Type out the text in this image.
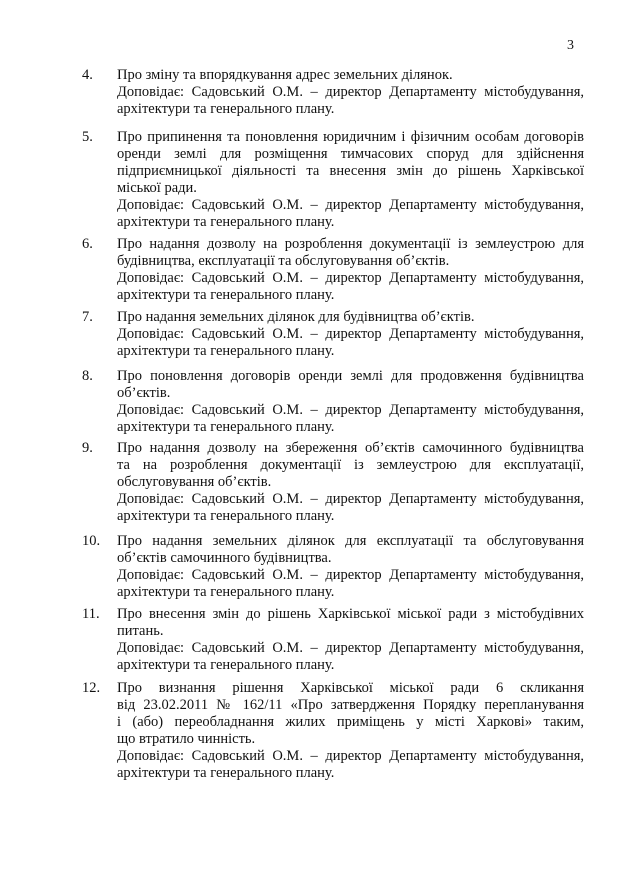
3
4. Про зміну та впорядкування адрес земельних ділянок.
Доповідає: Садовський О.М. – директор Департаменту містобудування,
архітектури та генерального плану.
5. Про припинення та поновлення юридичним і фізичним особам договорів
оренди землі для розміщення тимчасових споруд для здійснення
підприємницької діяльності та внесення змін до рішень Харківської
міської ради.
Доповідає: Садовський О.М. – директор Департаменту містобудування,
архітектури та генерального плану.
6. Про надання дозволу на розроблення документації із землеустрою для
будівництва, експлуатації та обслуговування об’єктів.
Доповідає: Садовський О.М. – директор Департаменту містобудування,
архітектури та генерального плану.
7. Про надання земельних ділянок для будівництва об’єктів.
Доповідає: Садовський О.М. – директор Департаменту містобудування,
архітектури та генерального плану.
8. Про поновлення договорів оренди землі для продовження будівництва
об’єктів.
Доповідає: Садовський О.М. – директор Департаменту містобудування,
архітектури та генерального плану.
9. Про надання дозволу на збереження об’єктів самочинного будівництва
та на розроблення документації із землеустрою для експлуатації,
обслуговування об’єктів.
Доповідає: Садовський О.М. – директор Департаменту містобудування,
архітектури та генерального плану.
10. Про надання земельних ділянок для експлуатації та обслуговування
об’єктів самочинного будівництва.
Доповідає: Садовський О.М. – директор Департаменту містобудування,
архітектури та генерального плану.
11. Про внесення змін до рішень Харківської міської ради з містобудівних
питань.
Доповідає: Садовський О.М. – директор Департаменту містобудування,
архітектури та генерального плану.
12. Про визнання рішення Харківської міської ради 6 скликання
від 23.02.2011 № 162/11 «Про затвердження Порядку перепланування
і (або) переобладнання жилих приміщень у місті Харкові» таким,
що втратило чинність.
Доповідає: Садовський О.М. – директор Департаменту містобудування,
архітектури та генерального плану.
